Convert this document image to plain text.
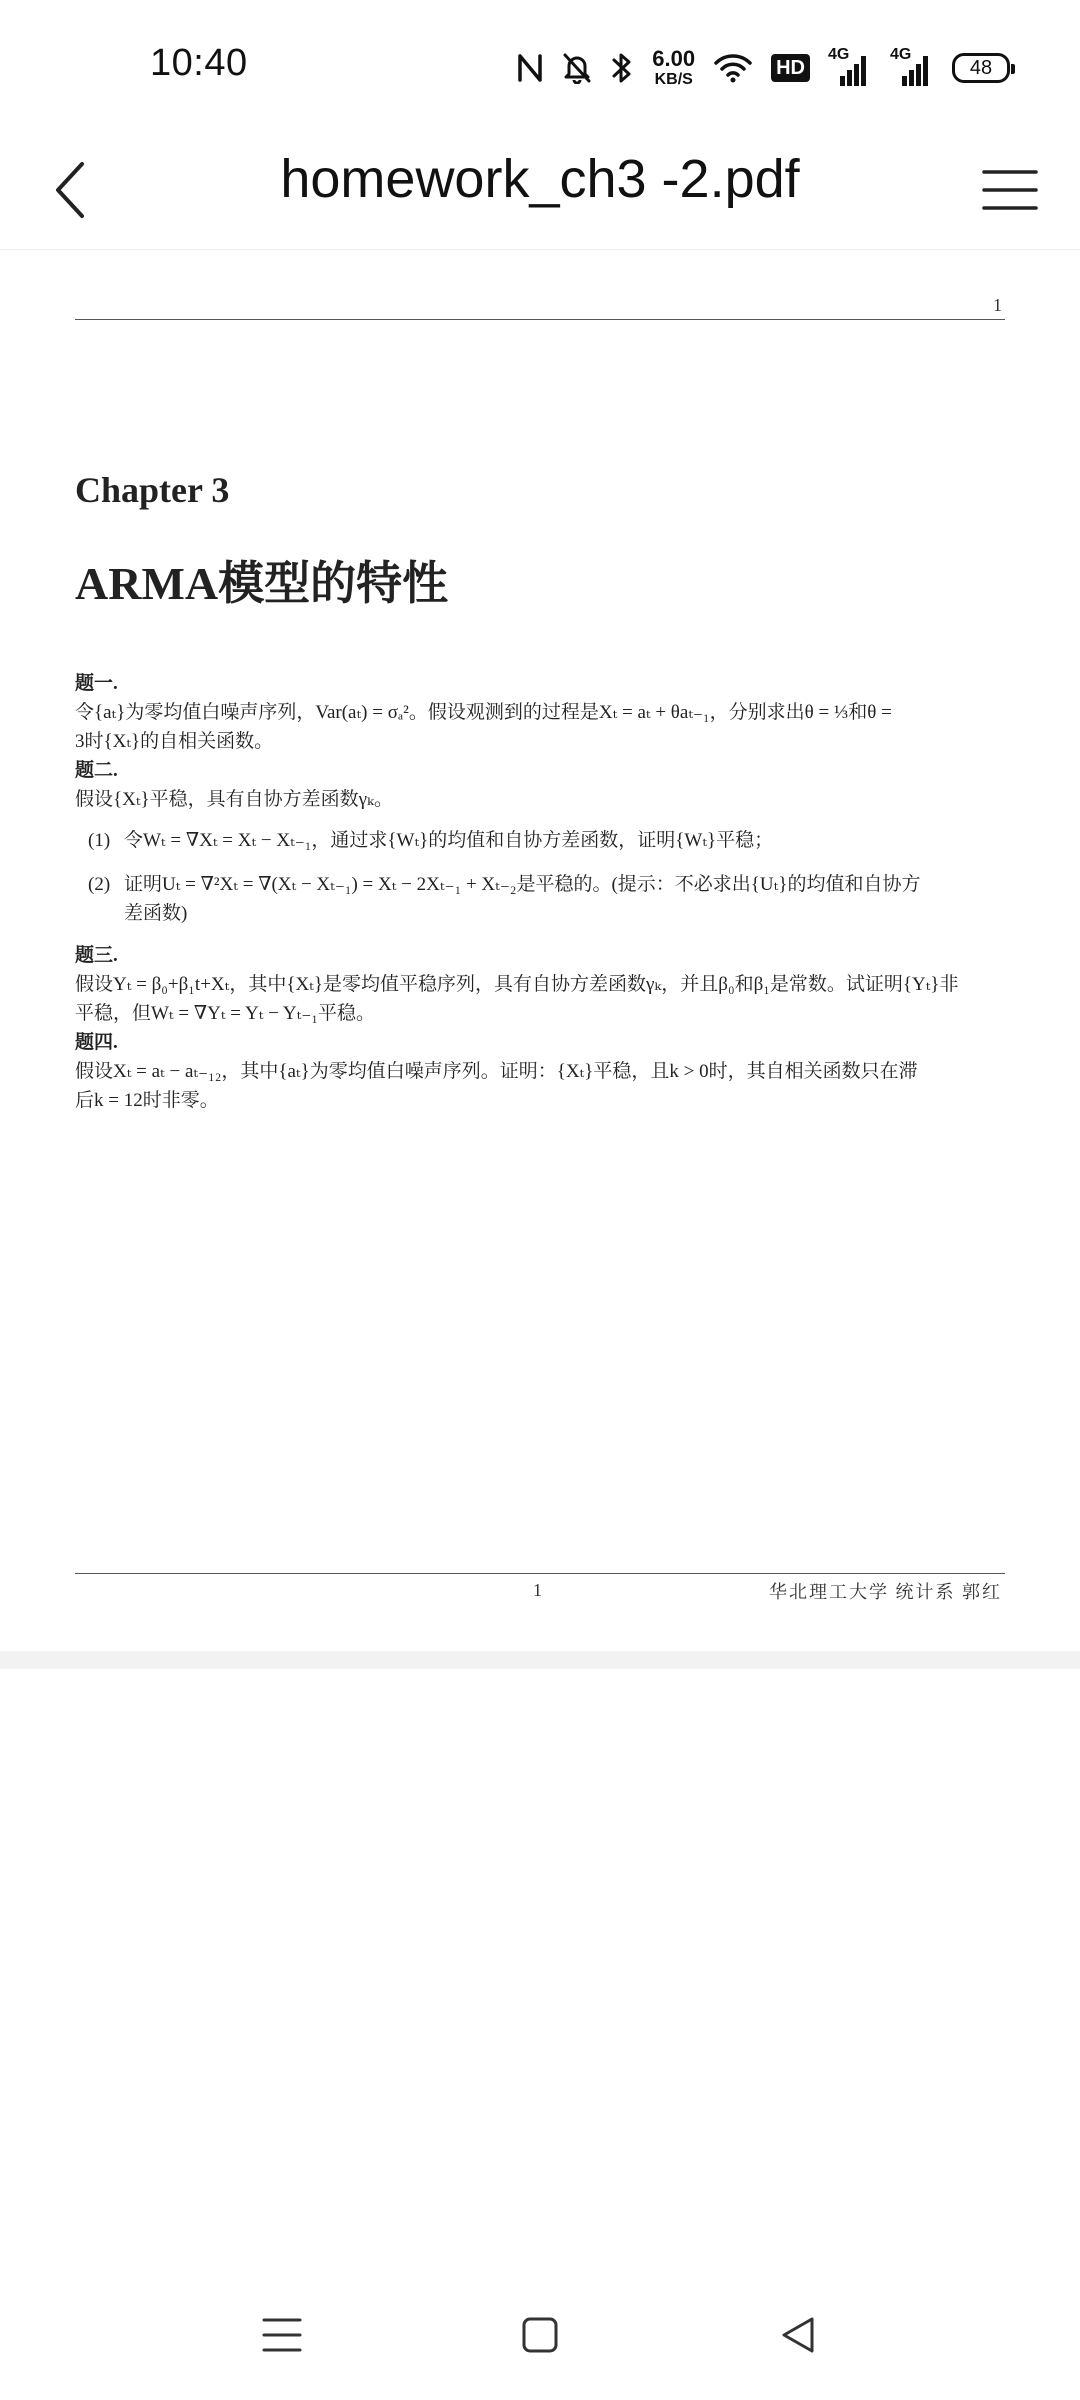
10:40	6.00
KB/S
HD
4G	4G
48
homework_ch3 -2.pdf
1
Chapter 3
ARMA模型的特性
题一.
令{aₜ}为零均值白噪声序列，Var(aₜ) = σₐ²。假设观测到的过程是Xₜ = aₜ + θaₜ₋₁，分别求出θ = ⅓和θ =
3时{Xₜ}的自相关函数。
题二.
假设{Xₜ}平稳，具有自协方差函数γₖ。
(1) 令Wₜ = ∇Xₜ = Xₜ − Xₜ₋₁，通过求{Wₜ}的均值和自协方差函数，证明{Wₜ}平稳；
(2) 证明Uₜ = ∇²Xₜ = ∇(Xₜ − Xₜ₋₁) = Xₜ − 2Xₜ₋₁ + Xₜ₋₂是平稳的。(提示：不必求出{Uₜ}的均值和自协方
差函数)
题三.
假设Yₜ = β₀+β₁t+Xₜ，其中{Xₜ}是零均值平稳序列，具有自协方差函数γₖ，并且β₀和β₁是常数。试证明{Yₜ}非
平稳，但Wₜ = ∇Yₜ = Yₜ − Yₜ₋₁平稳。
题四.
假设Xₜ = aₜ − aₜ₋₁₂，其中{aₜ}为零均值白噪声序列。证明：{Xₜ}平稳，且k > 0时，其自相关函数只在滞
后k = 12时非零。
1	华北理工大学 统计系 郭红
